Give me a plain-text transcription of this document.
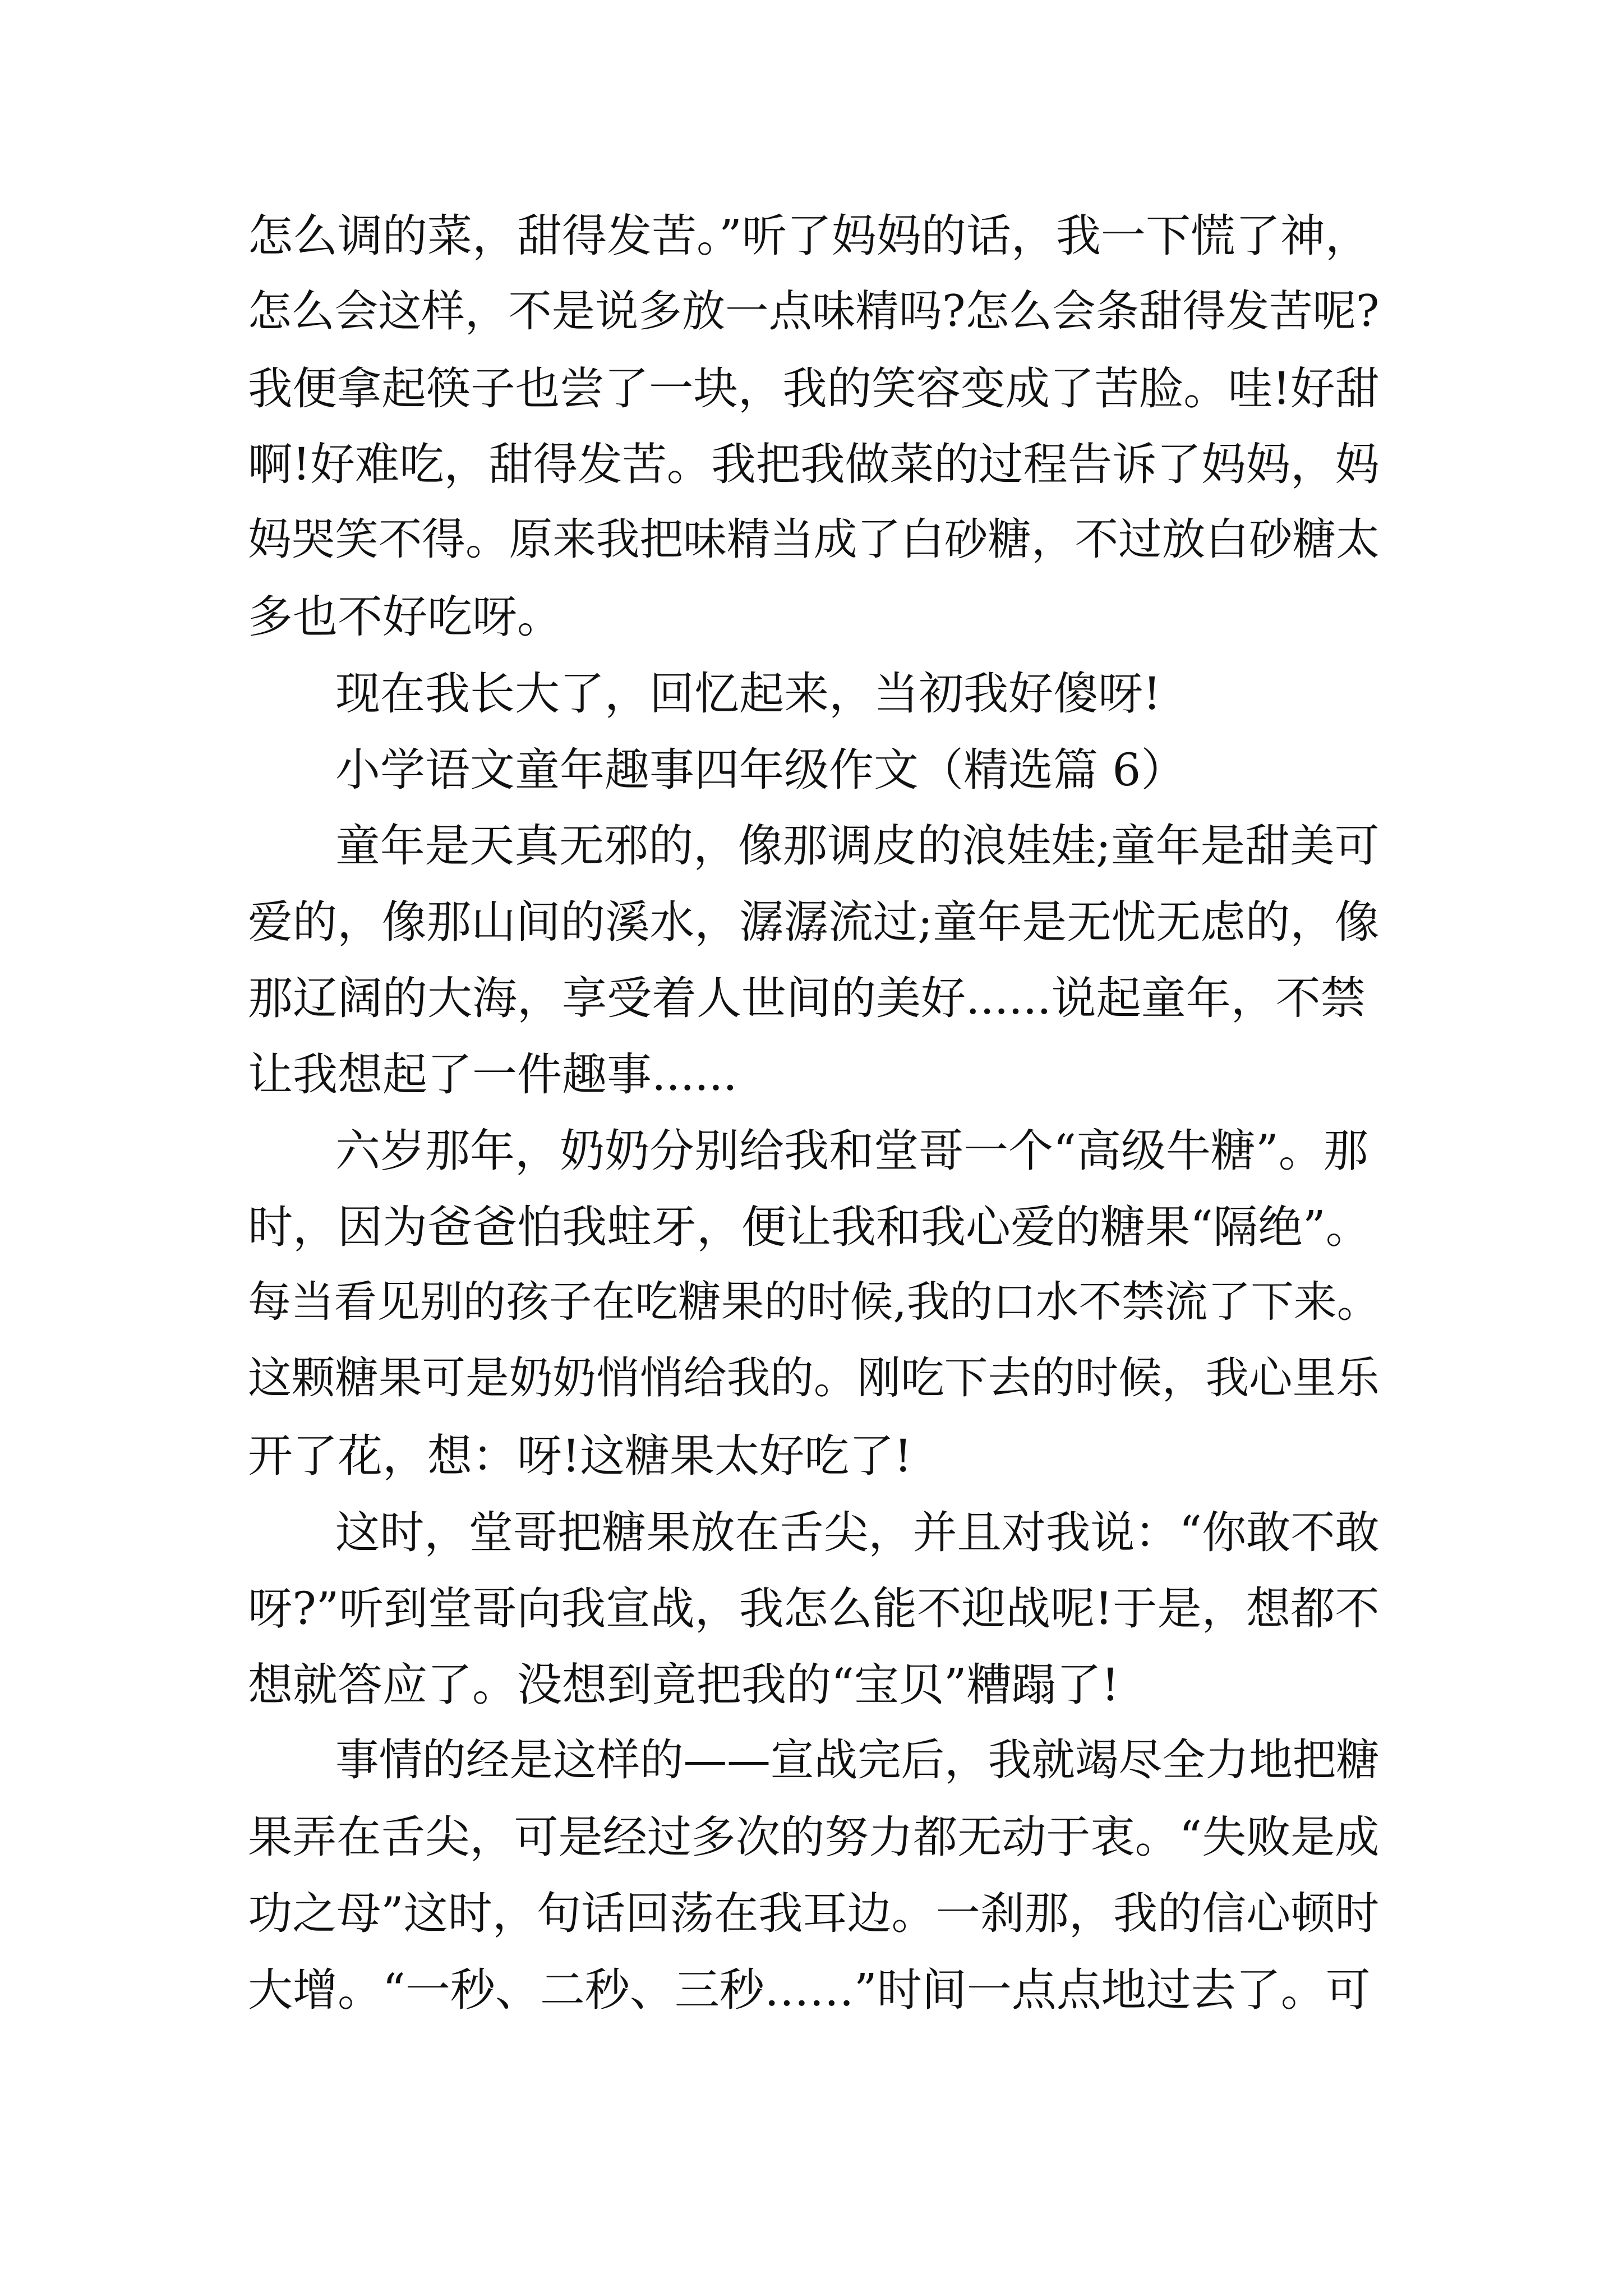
怎么调的菜，甜得发苦。”听了妈妈的话，我一下慌了神，

怎么会这样，不是说多放一点味精吗?怎么会条甜得发苦呢?

我便拿起筷子也尝了一块，我的笑容变成了苦脸。哇!好甜

啊!好难吃，甜得发苦。我把我做菜的过程告诉了妈妈，妈

妈哭笑不得。原来我把味精当成了白砂糖，不过放白砂糖太

多也不好吃呀。

现在我长大了，回忆起来，当初我好傻呀!

小学语文童年趣事四年级作文（精选篇 6）

童年是天真无邪的，像那调皮的浪娃娃;童年是甜美可

爱的，像那山间的溪水，潺潺流过;童年是无忧无虑的，像

那辽阔的大海，享受着人世间的美好......说起童年，不禁

让我想起了一件趣事......

六岁那年，奶奶分别给我和堂哥一个“高级牛糖”。那

时，因为爸爸怕我蛀牙，便让我和我心爱的糖果“隔绝”。

每当看见别的孩子在吃糖果的时候,我的口水不禁流了下来。

这颗糖果可是奶奶悄悄给我的。刚吃下去的时候，我心里乐

开了花，想：呀!这糖果太好吃了!

这时，堂哥把糖果放在舌尖，并且对我说：“你敢不敢

呀?”听到堂哥向我宣战，我怎么能不迎战呢!于是，想都不

想就答应了。没想到竟把我的“宝贝”糟蹋了!

事情的经是这样的——宣战完后，我就竭尽全力地把糖

果弄在舌尖，可是经过多次的努力都无动于衷。“失败是成

功之母”这时，句话回荡在我耳边。一刹那，我的信心顿时

大增。“一秒、二秒、三秒……”时间一点点地过去了。可
